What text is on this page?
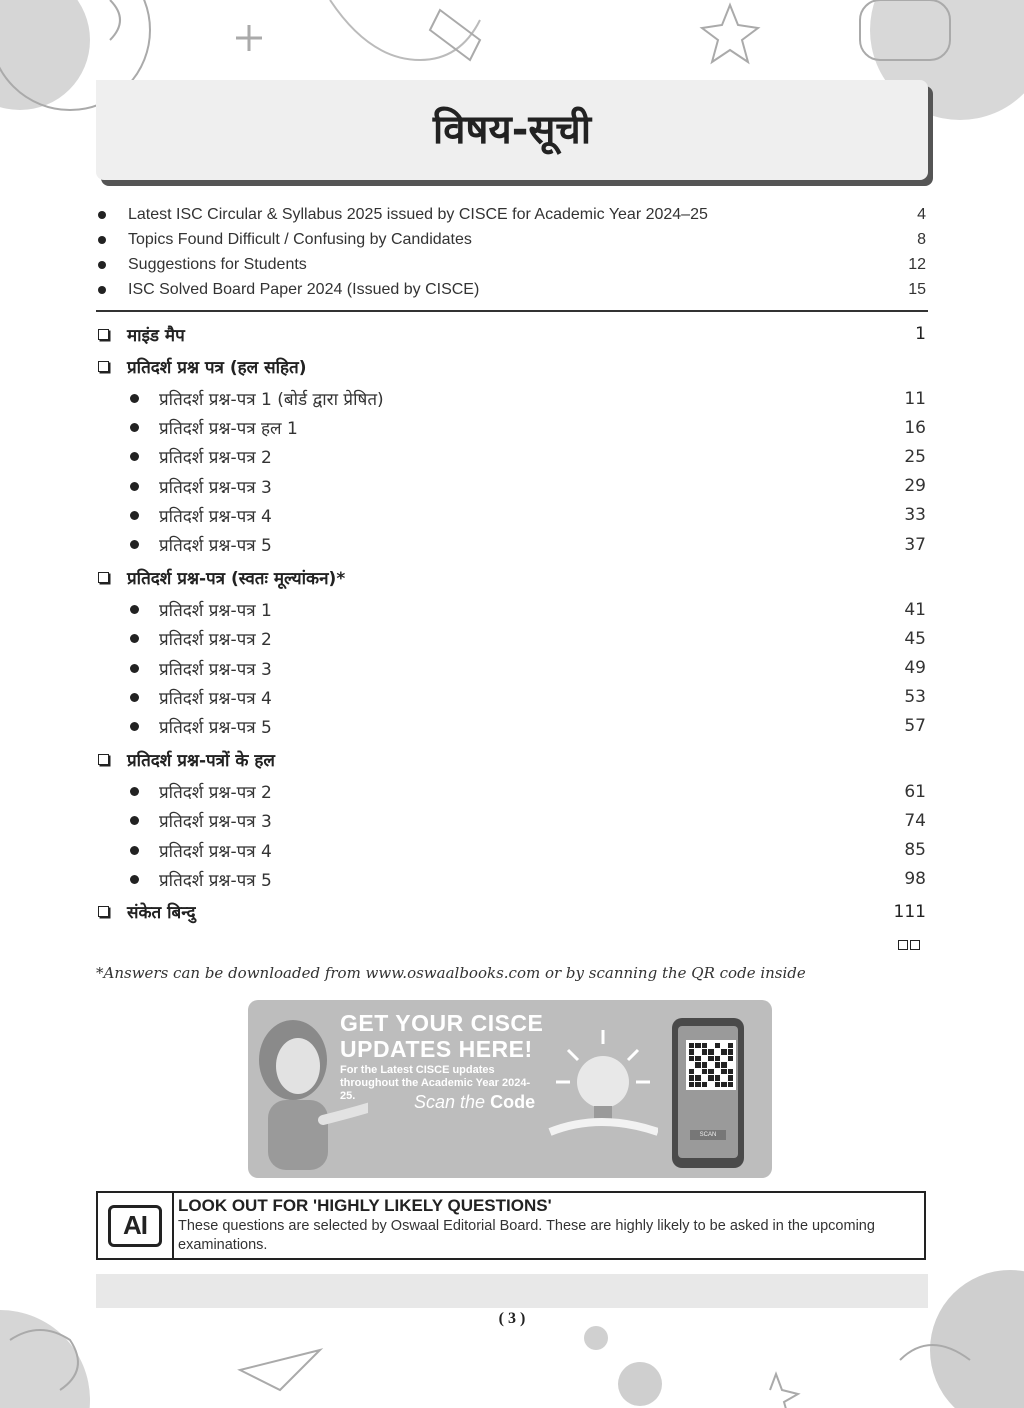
विषय-सूची
Latest ISC Circular & Syllabus 2025 issued by CISCE for Academic Year 2024–25	4
Topics Found Difficult / Confusing by Candidates	8
Suggestions for Students	12
ISC Solved Board Paper 2024 (Issued by CISCE)	15
माइंड मैप	1
प्रतिदर्श प्रश्न पत्र (हल सहित)
प्रतिदर्श प्रश्न-पत्र 1 (बोर्ड द्वारा प्रेषित)	11
प्रतिदर्श प्रश्न-पत्र हल 1	16
प्रतिदर्श प्रश्न-पत्र 2	25
प्रतिदर्श प्रश्न-पत्र 3	29
प्रतिदर्श प्रश्न-पत्र 4	33
प्रतिदर्श प्रश्न-पत्र 5	37
प्रतिदर्श प्रश्न-पत्र (स्वतः मूल्यांकन)*
प्रतिदर्श प्रश्न-पत्र 1	41
प्रतिदर्श प्रश्न-पत्र 2	45
प्रतिदर्श प्रश्न-पत्र 3	49
प्रतिदर्श प्रश्न-पत्र 4	53
प्रतिदर्श प्रश्न-पत्र 5	57
प्रतिदर्श प्रश्न-पत्रों के हल
प्रतिदर्श प्रश्न-पत्र 2	61
प्रतिदर्श प्रश्न-पत्र 3	74
प्रतिदर्श प्रश्न-पत्र 4	85
प्रतिदर्श प्रश्न-पत्र 5	98
संकेत बिन्दु	111
*Answers can be downloaded from www.oswaalbooks.com or by scanning the QR code inside
GET YOUR CISCE
UPDATES HERE!
For the Latest CISCE updates throughout the Academic Year 2024-25.	Scan the Code
SCAN
AI
LOOK OUT FOR 'HIGHLY LIKELY QUESTIONS'
These questions are selected by Oswaal Editorial Board. These are highly likely to be asked in the upcoming examinations.
( 3 )
